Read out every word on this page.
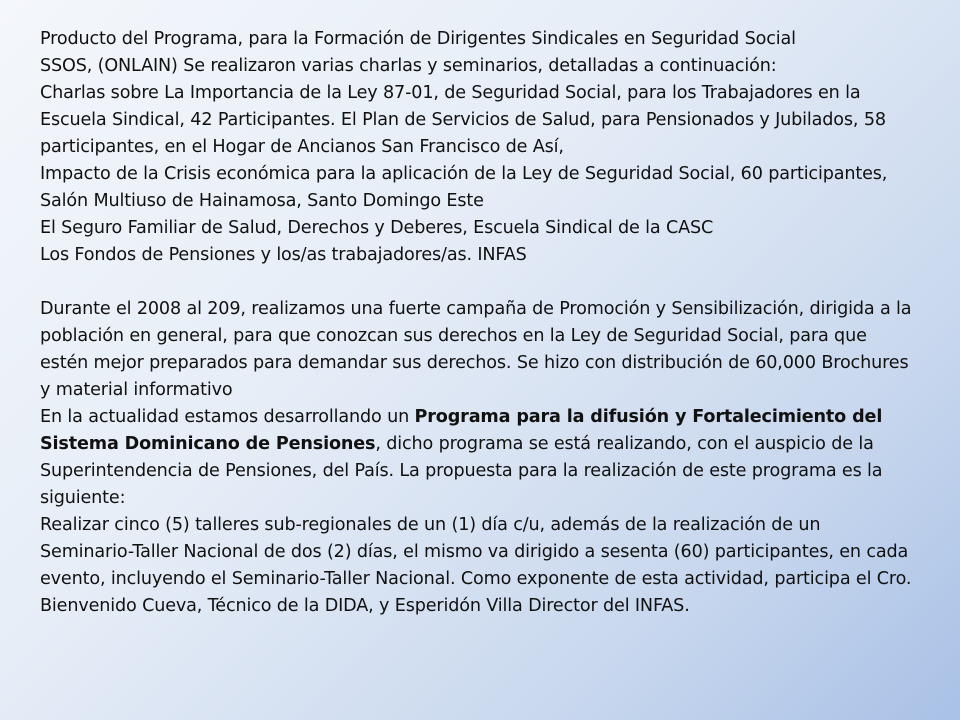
Producto del Programa, para la Formación de Dirigentes Sindicales en Seguridad Social

SSOS, (ONLAIN) Se realizaron varias charlas y seminarios, detalladas a continuación:

Charlas sobre La Importancia de la Ley 87-01, de Seguridad Social, para los Trabajadores en la Escuela Sindical, 42 Participantes. El Plan de Servicios de Salud, para Pensionados y Jubilados, 58 participantes, en el Hogar de Ancianos San Francisco de Así,

Impacto de la Crisis económica para la aplicación de la Ley de Seguridad Social, 60 participantes, Salón Multiuso de Hainamosa, Santo Domingo Este

El Seguro Familiar de Salud, Derechos y Deberes, Escuela Sindical de la CASC

Los Fondos de Pensiones y los/as trabajadores/as. INFAS

Durante el 2008 al 209, realizamos una fuerte campaña de Promoción y Sensibilización, dirigida a la población en general, para que conozcan sus derechos en la Ley de Seguridad Social, para que estén mejor preparados para demandar sus derechos. Se hizo con distribución de 60,000 Brochures y material informativo

En la actualidad estamos desarrollando un Programa para la difusión y Fortalecimiento del Sistema Dominicano de Pensiones, dicho programa se está realizando, con el auspicio de la Superintendencia de Pensiones, del País. La propuesta para la realización de este programa es la siguiente:

Realizar cinco (5) talleres sub-regionales de un (1) día c/u, además de la realización de un Seminario-Taller Nacional de dos (2) días, el mismo va dirigido a sesenta (60) participantes, en cada evento, incluyendo el Seminario-Taller Nacional. Como exponente de esta actividad, participa el Cro. Bienvenido Cueva, Técnico de la DIDA, y Esperidón Villa Director del INFAS.
